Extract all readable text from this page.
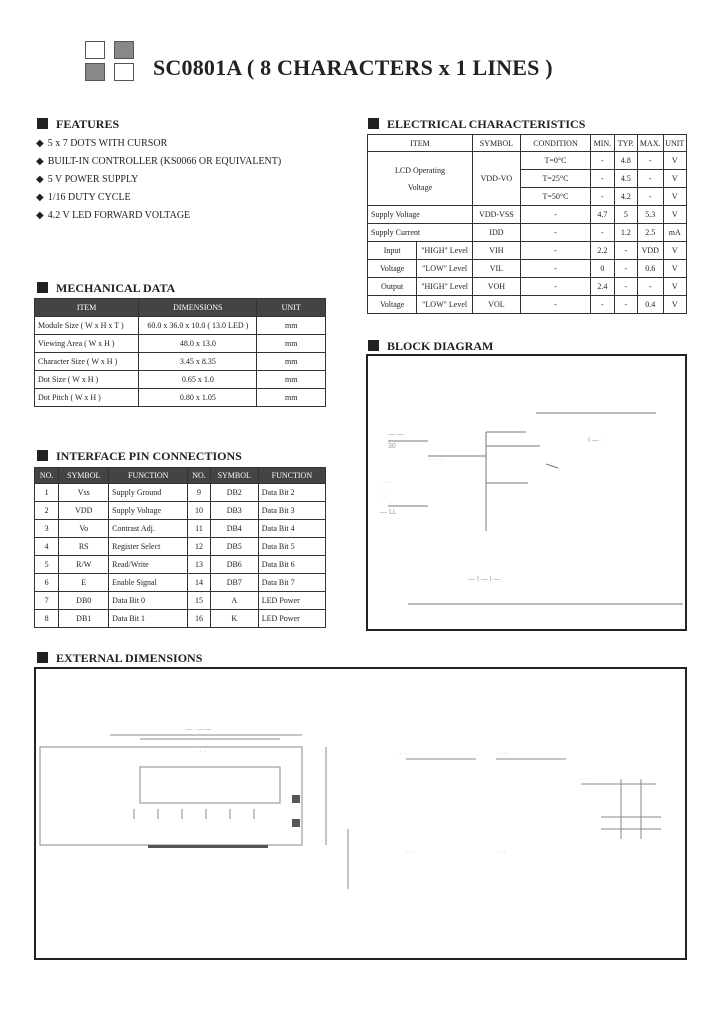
SC0801A ( 8 CHARACTERS x 1 LINES )
FEATURES
◆ 5 x 7 DOTS WITH CURSOR
◆ BUILT-IN CONTROLLER (KS0066 OR EQUIVALENT)
◆ 5 V POWER SUPPLY
◆ 1/16 DUTY CYCLE
◆ 4.2 V LED FORWARD VOLTAGE
MECHANICAL DATA
ITEM	DIMENSIONS	UNIT
Module Size ( W x H x T )	60.0 x 36.0 x 10.0 ( 13.0 LED )	mm
Viewing Area ( W x H )	48.0 x 13.0	mm
Character Size ( W x H )	3.45 x 8.35	mm
Dot Size ( W x H )	0.65 x 1.0	mm
Dot Pitch ( W x H )	0.80 x 1.05	mm
INTERFACE PIN CONNECTIONS
NO.	SYMBOL	FUNCTION	NO.	SYMBOL	FUNCTION
1	Vss	Supply Ground	9	DB2	Data Bit 2
2	VDD	Supply Voltage	10	DB3	Data Bit 3
3	Vo	Contrast Adj.	11	DB4	Data Bit 4
4	RS	Register Select	12	DB5	Data Bit 5
5	R/W	Read/Write	13	DB6	Data Bit 6
6	E	Enable Signal	14	DB7	Data Bit 7
7	DB0	Data Bit 0	15	A	LED Power
8	DB1	Data Bit 1	16	K	LED Power
ELECTRICAL CHARACTERISTICS
ITEM		SYMBOL	CONDITION	MIN.	TYP.	MAX.	UNIT

LCD Operating
Voltage		VDD-VO	T=0°C	-	4.8	-	V
			T=25°C	-	4.5	-	V
			T=50°C	-	4.2	-	V
Supply Voltage		VDD-VSS	-	4.7	5	5.3	V
Supply Current		IDD	-	-	1.2	2.5	mA
Input	"HIGH" Level	VIH	-	2.2	-	VDD	V
Voltage	"LOW" Level	VIL	-	0	-	0.6	V
Output	"HIGH" Level	VOH	-	2.4	-	-	V
Voltage	"LOW" Level	VOL	-	-	-	0.4	V
BLOCK DIAGRAM
— —
30
· · · ·
I — ·
· · ·
· ·
— LL
— I — I —
EXTERNAL DIMENSIONS
— · — —
· · ·	· · · ·	· · · ·
· ·
· · ·	· · ·
